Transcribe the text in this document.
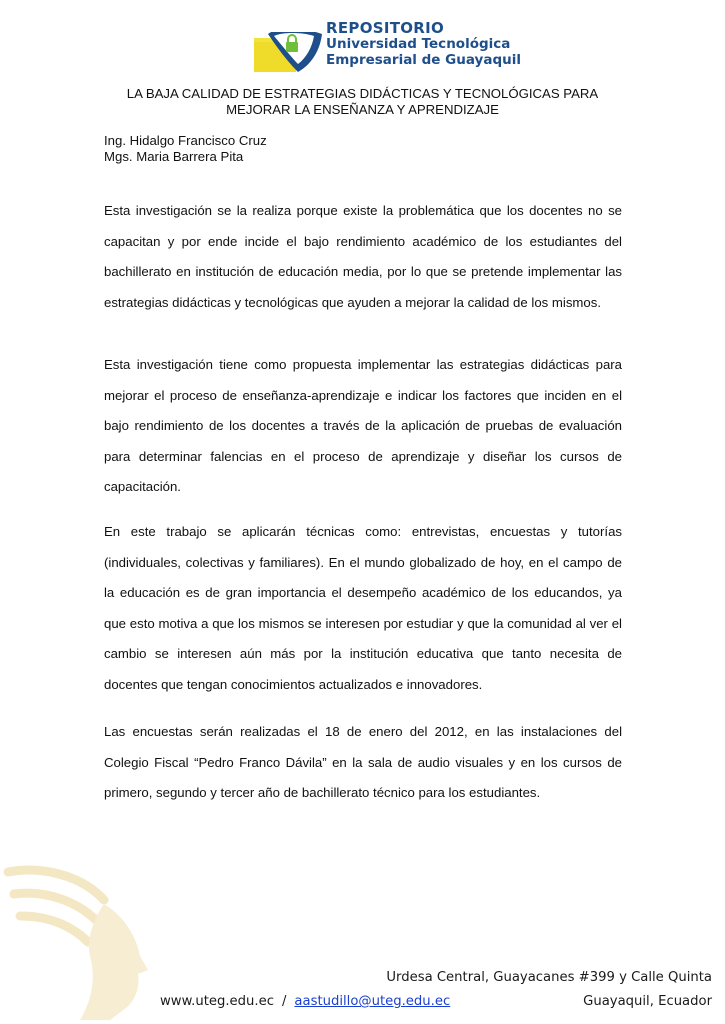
REPOSITORIO
Universidad Tecnológica
Empresarial de Guayaquil
LA BAJA CALIDAD DE ESTRATEGIAS DIDÁCTICAS Y TECNOLÓGICAS PARA
MEJORAR LA ENSEÑANZA Y APRENDIZAJE
Ing. Hidalgo Francisco Cruz
Mgs. Maria Barrera Pita

Esta investigación se la realiza porque existe la problemática que los docentes no se capacitan y por ende incide el bajo rendimiento académico de los estudiantes del bachillerato en institución de educación media, por lo que se pretende implementar las estrategias didácticas y tecnológicas que ayuden a mejorar la calidad de los mismos.

Esta investigación tiene como propuesta implementar las estrategias didácticas para mejorar el proceso de enseñanza-aprendizaje e indicar los factores que inciden en el bajo rendimiento de los docentes a través de la aplicación de pruebas de evaluación para determinar falencias en el proceso de aprendizaje y diseñar los cursos de capacitación.

En este trabajo se aplicarán técnicas como: entrevistas, encuestas y tutorías (individuales, colectivas y familiares). En el mundo globalizado de hoy, en el campo de la educación es de gran importancia el desempeño académico de los educandos, ya que esto motiva a que los mismos se interesen por estudiar y que la comunidad al ver el cambio se interesen aún más por la institución educativa que tanto necesita de docentes que tengan conocimientos actualizados e innovadores.

Las encuestas serán realizadas el 18 de enero del 2012, en las instalaciones del Colegio Fiscal “Pedro Franco Dávila” en la sala de audio visuales y en los cursos de primero, segundo y tercer año de bachillerato técnico para los estudiantes.

Urdesa Central, Guayacanes #399 y Calle Quinta
www.uteg.edu.ec / aastudillo@uteg.edu.ec	Guayaquil, Ecuador
